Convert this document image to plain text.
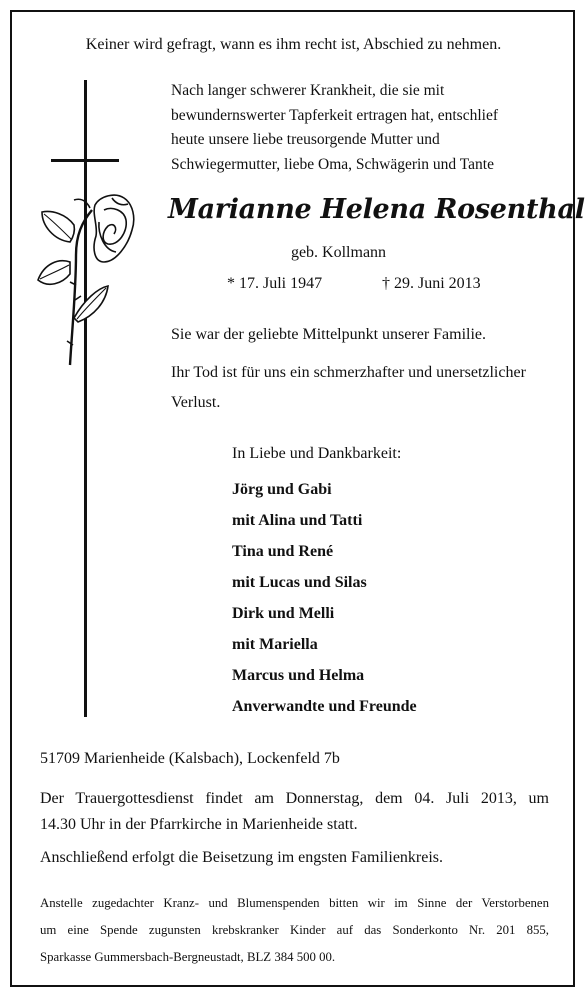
Keiner wird gefragt, wann es ihm recht ist, Abschied zu nehmen.
Nach langer schwerer Krankheit, die sie mit
bewundernswerter Tapferkeit ertragen hat, entschlief
heute unsere liebe treusorgende Mutter und
Schwiegermutter, liebe Oma, Schwägerin und Tante
Marianne Helena Rosenthal
geb. Kollmann
* 17. Juli 1947	† 29. Juni 2013
Sie war der geliebte Mittelpunkt unserer Familie.
Ihr Tod ist für uns ein schmerzhafter und unersetzlicher Verlust.
In Liebe und Dankbarkeit:
Jörg und Gabi
mit Alina und Tatti
Tina und René
mit Lucas und Silas
Dirk und Melli
mit Mariella
Marcus und Helma
Anverwandte und Freunde
51709 Marienheide (Kalsbach), Lockenfeld 7b
Der Trauergottesdienst findet am Donnerstag, dem 04. Juli 2013, um
14.30 Uhr in der Pfarrkirche in Marienheide statt.
Anschließend erfolgt die Beisetzung im engsten Familienkreis.
Anstelle zugedachter Kranz- und Blumenspenden bitten wir im Sinne der Verstorbenen
um eine Spende zugunsten krebskranker Kinder auf das Sonderkonto Nr. 201 855,
Sparkasse Gummersbach-Bergneustadt, BLZ 384 500 00.
